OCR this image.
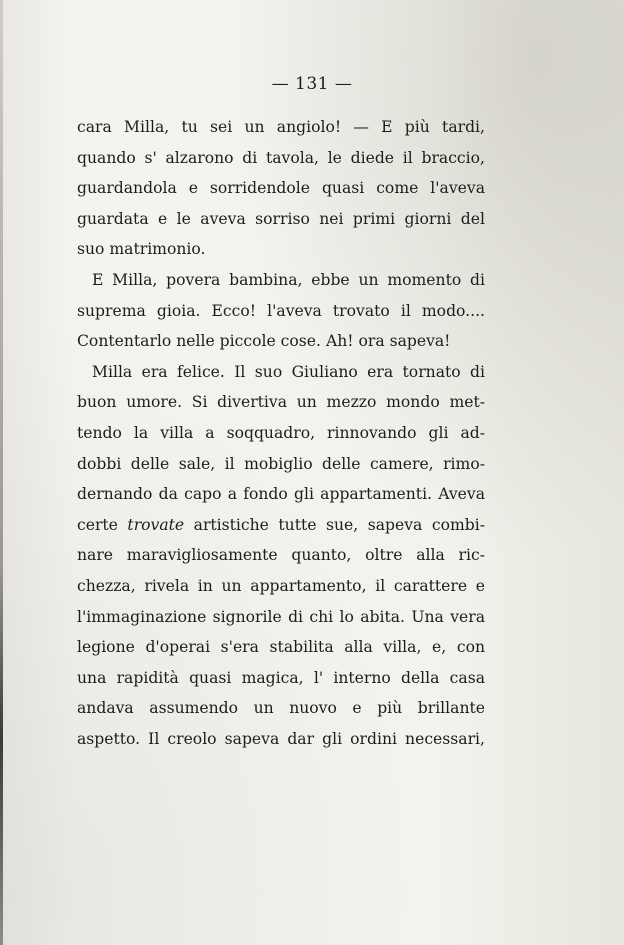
— 131 —
cara Milla, tu sei un angiolo! — E più tardi,
quando s' alzarono di tavola, le diede il braccio,
guardandola e sorridendole quasi come l'aveva
guardata e le aveva sorriso nei primi giorni del
suo matrimonio.
E Milla, povera bambina, ebbe un momento di
suprema gioia. Ecco! l'aveva trovato il modo....
Contentarlo nelle piccole cose. Ah! ora sapeva!
Milla era felice. Il suo Giuliano era tornato di
buon umore. Si divertiva un mezzo mondo met-
tendo la villa a soqquadro, rinnovando gli ad-
dobbi delle sale, il mobiglio delle camere, rimo-
dernando da capo a fondo gli appartamenti. Aveva
certe trovate artistiche tutte sue, sapeva combi-
nare maravigliosamente quanto, oltre alla ric-
chezza, rivela in un appartamento, il carattere e
l'immaginazione signorile di chi lo abita. Una vera
legione d'operai s'era stabilita alla villa, e, con
una rapidità quasi magica, l' interno della casa
andava assumendo un nuovo e più brillante
aspetto. Il creolo sapeva dar gli ordini necessari,
